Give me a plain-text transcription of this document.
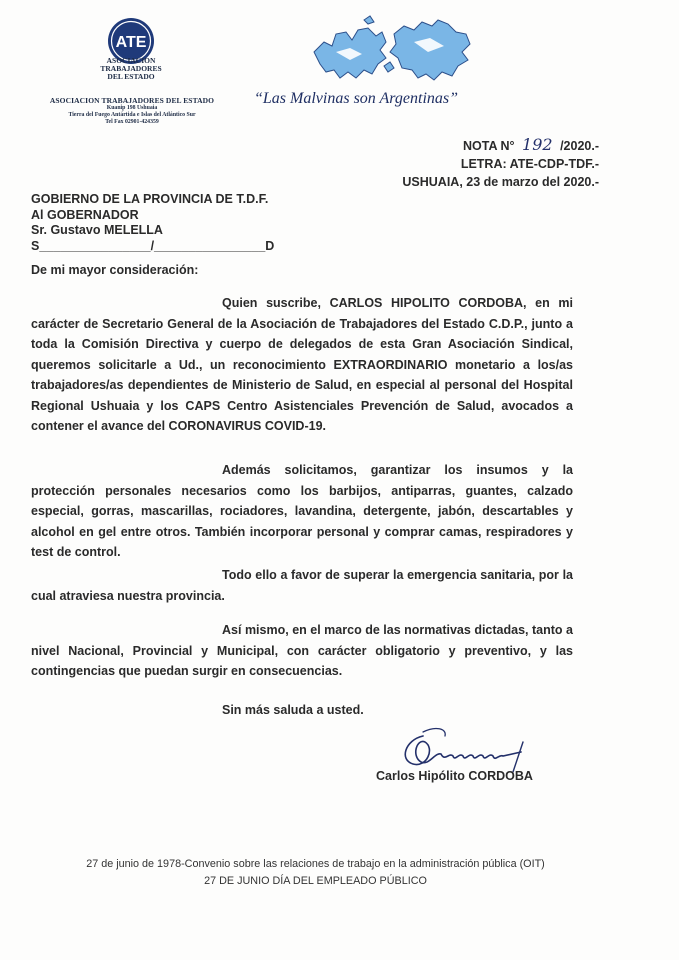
ATE
ASOCIACION
TRABAJADORES
DEL ESTADO
ASOCIACION TRABAJADORES DEL ESTADO
Kuanip 198 Ushuaia
Tierra del Fuego Antártida e Islas del Atlántico Sur
Tel Fax 02901-424359
“Las Malvinas son Argentinas”
NOTA N° 192 /2020.-
LETRA: ATE-CDP-TDF.-
USHUAIA, 23 de marzo del 2020.-
GOBIERNO DE LA PROVINCIA DE T.D.F.
Al GOBERNADOR
Sr. Gustavo MELELLA
S________________/________________D
De mi mayor consideración:

Quien suscribe, CARLOS HIPOLITO CORDOBA, en mi carácter de Secretario General de la Asociación de Trabajadores del Estado C.D.P., junto a toda la Comisión Directiva y cuerpo de delegados de esta Gran Asociación Sindical, queremos solicitarle a Ud., un reconocimiento EXTRAORDINARIO monetario a los/as trabajadores/as dependientes de Ministerio de Salud, en especial al personal del Hospital Regional Ushuaia y los CAPS Centro Asistenciales Prevención de Salud, avocados a contener el avance del CORONAVIRUS COVID-19.

Además solicitamos, garantizar los insumos y la protección personales necesarios como los barbijos, antiparras, guantes, calzado especial, gorras, mascarillas, rociadores, lavandina, detergente, jabón, descartables y alcohol en gel entre otros. También incorporar personal y comprar camas, respiradores y test de control.

Todo ello a favor de superar la emergencia sanitaria, por la cual atraviesa nuestra provincia.

Así mismo, en el marco de las normativas dictadas, tanto a nivel Nacional, Provincial y Municipal, con carácter obligatorio y preventivo, y las contingencias que puedan surgir en consecuencias.

Sin más saluda a usted.
Carlos Hipólito CORDOBA
27 de junio de 1978-Convenio sobre las relaciones de trabajo en la administración pública (OIT)
27 DE JUNIO DÍA DEL EMPLEADO PÚBLICO
